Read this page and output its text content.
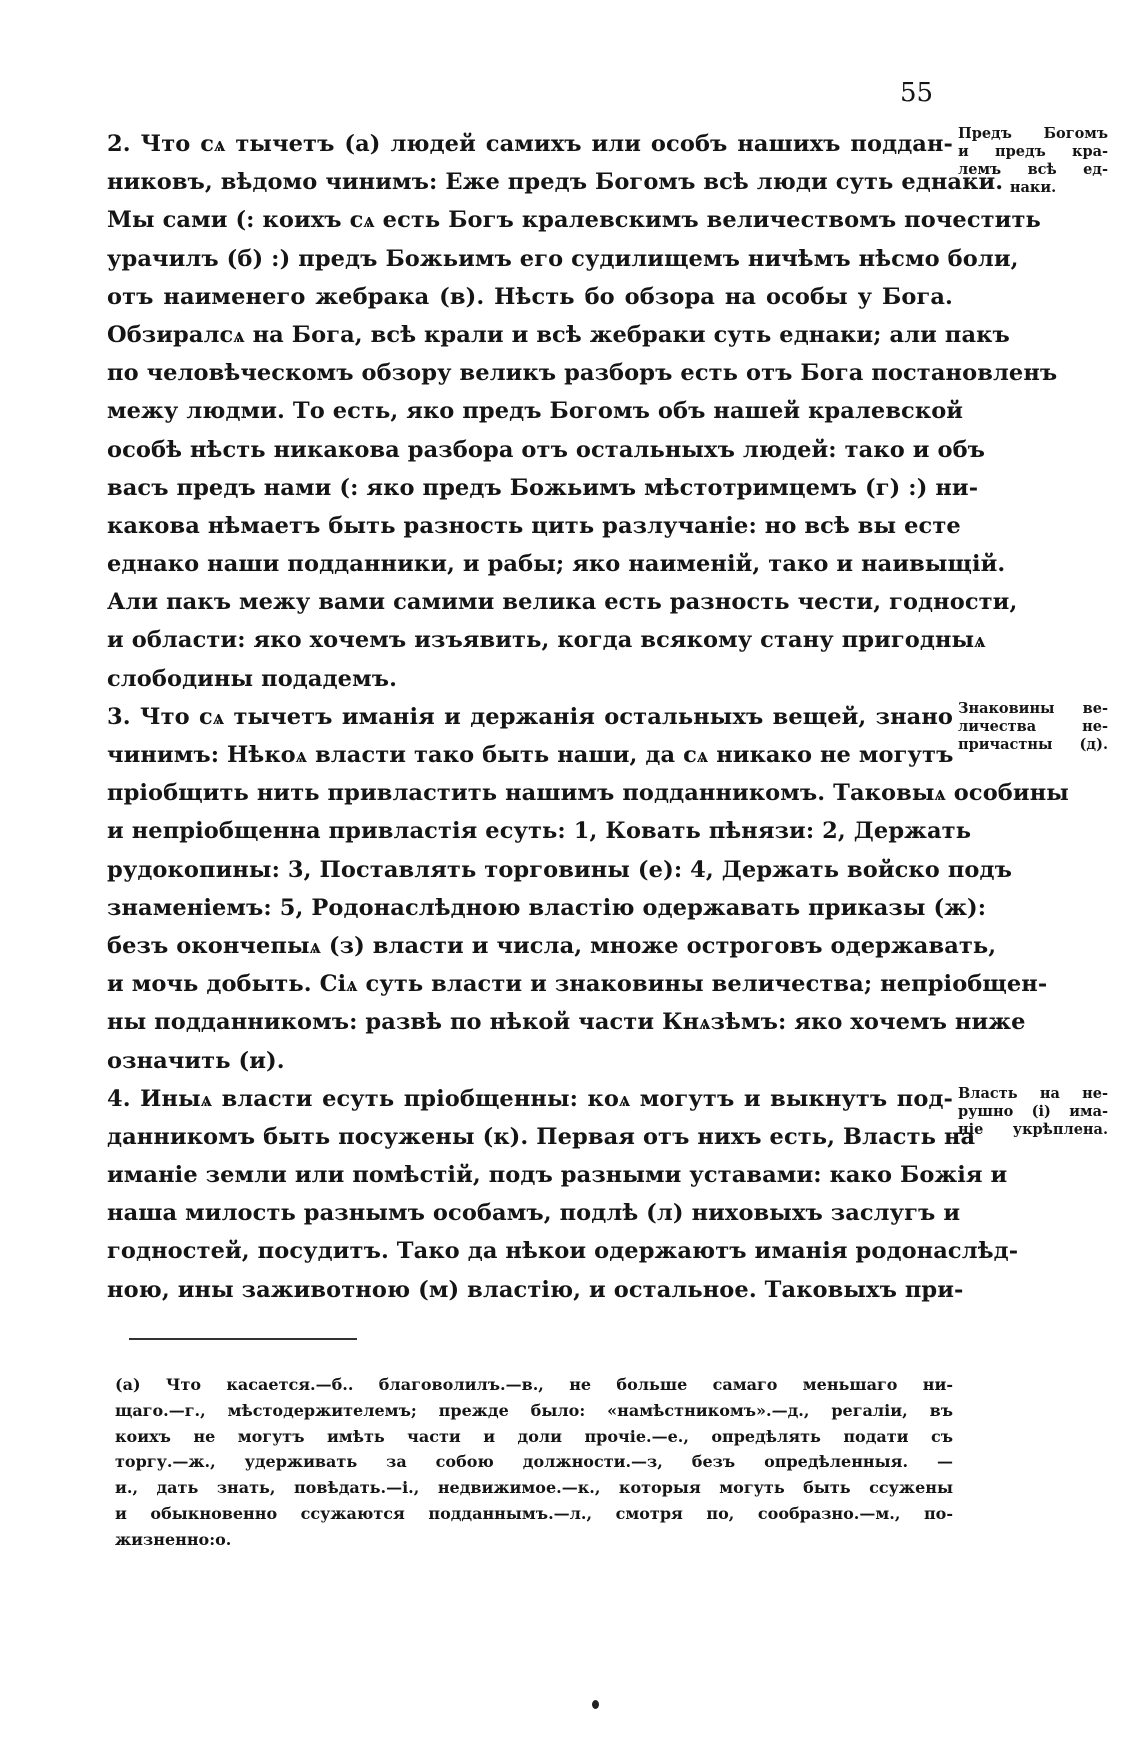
55
2. Что сѧ тычетъ (а) людей самихъ или особъ нашихъ поддан-
никовъ, вѣдомо чинимъ: Еже предъ Богомъ всѣ люди суть еднаки.
Мы сами (: коихъ сѧ есть Богъ кралевскимъ величествомъ почестить
урачилъ (б) :) предъ Божьимъ его судилищемъ ничѣмъ нѣсмо боли,
отъ наименего жебрака (в). Нѣсть бо обзора на особы у Бога.
Обзиралсѧ на Бога, всѣ крали и всѣ жебраки суть еднаки; али пакъ
по человѣческомъ обзору великъ разборъ есть отъ Бога постановленъ
межу людми. То есть, яко предъ Богомъ объ нашей кралевской
особѣ нѣсть никакова разбора отъ остальныхъ людей: тако и объ
васъ предъ нами (: яко предъ Божьимъ мѣстотримцемъ (г) :) ни-
какова нѣмаетъ быть разность цить разлучаніе: но всѣ вы есте
еднако наши подданники, и рабы; яко наименій, тако и наивыщій.
Али пакъ межу вами самими велика есть разность чести, годности,
и области: яко хочемъ изъявить, когда всякому стану пригодныѧ
слободины подадемъ.
3. Что сѧ тычетъ иманія и держанія остальныхъ вещей, знано
чинимъ: Нѣкоѧ власти тако быть наши, да сѧ никако не могутъ
пріобщить нить привластить нашимъ подданникомъ. Таковыѧ особины
и непріобщенна привластія есуть: 1, Ковать пѣнязи: 2, Держать
рудокопины: 3, Поставлять торговины (е): 4, Держать войско подъ
знаменіемъ: 5, Родонаслѣдною властію одержавать приказы (ж):
безъ окончепыѧ (з) власти и числа, множе остроговъ одержавать,
и мочь добыть. Сіѧ суть власти и знаковины величества; непріобщен-
ны подданникомъ: развѣ по нѣкой части Кнѧзѣмъ: яко хочемъ ниже
означить (и).
4. Иныѧ власти есуть пріобщенны: коѧ могутъ и выкнутъ под-
данникомъ быть посужены (к). Первая отъ нихъ есть, Власть на
иманіе земли или помѣстій, подъ разными уставами: како Божія и
наша милость разнымъ особамъ, подлѣ (л) ниховыхъ заслугъ и
годностей, посудитъ. Тако да нѣкои одержаютъ иманія родонаслѣд-
ною, ины заживотною (м) властію, и остальное. Таковыхъ при-
Предъ Богомъ
и предъ кра-
лемъ всѣ ед-
наки.
Знаковины ве-
личества не-
причастны (д).
Власть на не-
рушно (і) има-
ніе укрѣплена.
(а) Что касается.—б.. благоволилъ.—в., не больше самаго меньшаго ни-
щаго.—г., мѣстодержителемъ; прежде было: «намѣстникомъ».—д., регаліи, въ
коихъ не могутъ имѣть части и доли прочіе.—е., опредѣлять подати съ
торгу.—ж., удерживать за собою должности.—з, безъ опредѣленныя. —
и., дать знать, повѣдать.—і., недвижимое.—к., которыя могуть быть ссужены
и обыкновенно ссужаются подданнымъ.—л., смотря по, сообразно.—м., по-
жизненно:о.
